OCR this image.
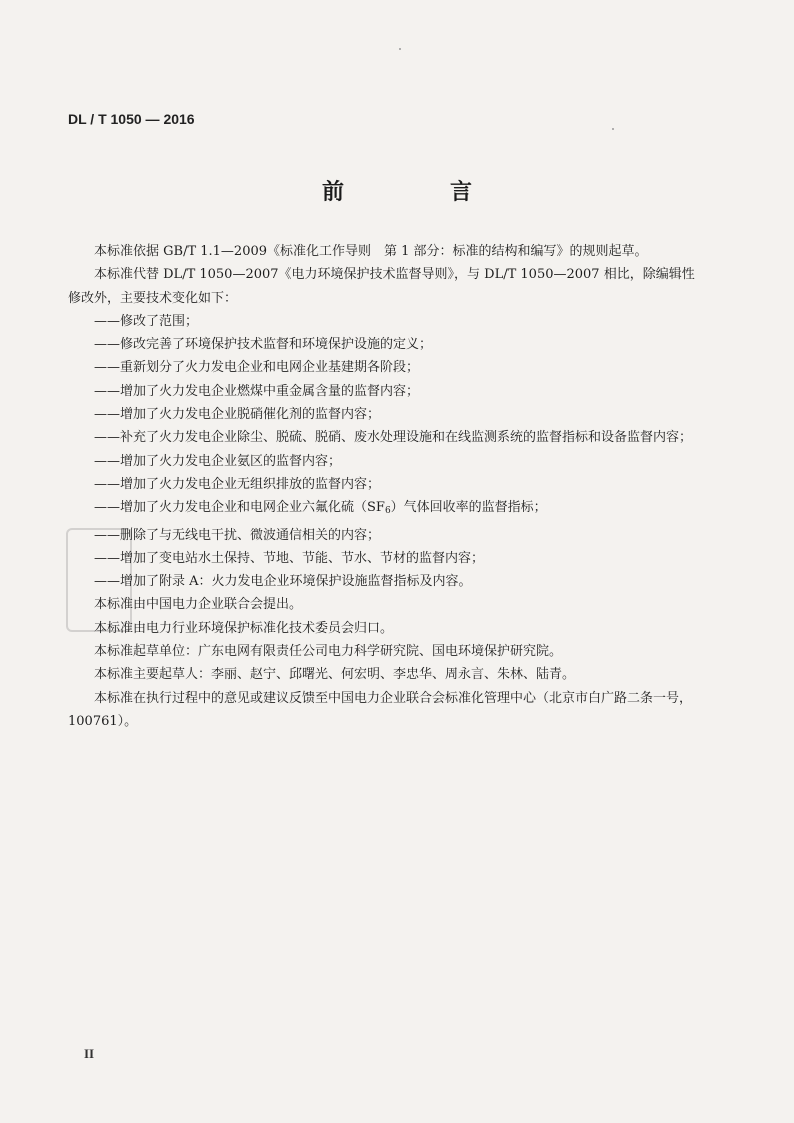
DL / T 1050 — 2016
前　言

本标准依据 GB/T 1.1—2009《标准化工作导则　第 1 部分：标准的结构和编写》的规则起草。

本标准代替 DL/T 1050—2007《电力环境保护技术监督导则》，与 DL/T 1050—2007 相比，除编辑性修改外，主要技术变化如下：

——修改了范围；

——修改完善了环境保护技术监督和环境保护设施的定义；

——重新划分了火力发电企业和电网企业基建期各阶段；

——增加了火力发电企业燃煤中重金属含量的监督内容；

——增加了火力发电企业脱硝催化剂的监督内容；

——补充了火力发电企业除尘、脱硫、脱硝、废水处理设施和在线监测系统的监督指标和设备监督内容；

——增加了火力发电企业氨区的监督内容；

——增加了火力发电企业无组织排放的监督内容；

——增加了火力发电企业和电网企业六氟化硫$(SF_6)$气体回收率的监督指标；

——删除了与无线电干扰、微波通信相关的内容；

——增加了变电站水土保持、节地、节能、节水、节材的监督内容；

——增加了附录 A：火力发电企业环境保护设施监督指标及内容。

本标准由中国电力企业联合会提出。

本标准由电力行业环境保护标准化技术委员会归口。

本标准起草单位：广东电网有限责任公司电力科学研究院、国电环境保护研究院。

本标准主要起草人：李丽、赵宁、邱曙光、何宏明、李忠华、周永言、朱林、陆青。

本标准在执行过程中的意见或建议反馈至中国电力企业联合会标准化管理中心（北京市白广路二条一号，100761）。

II
